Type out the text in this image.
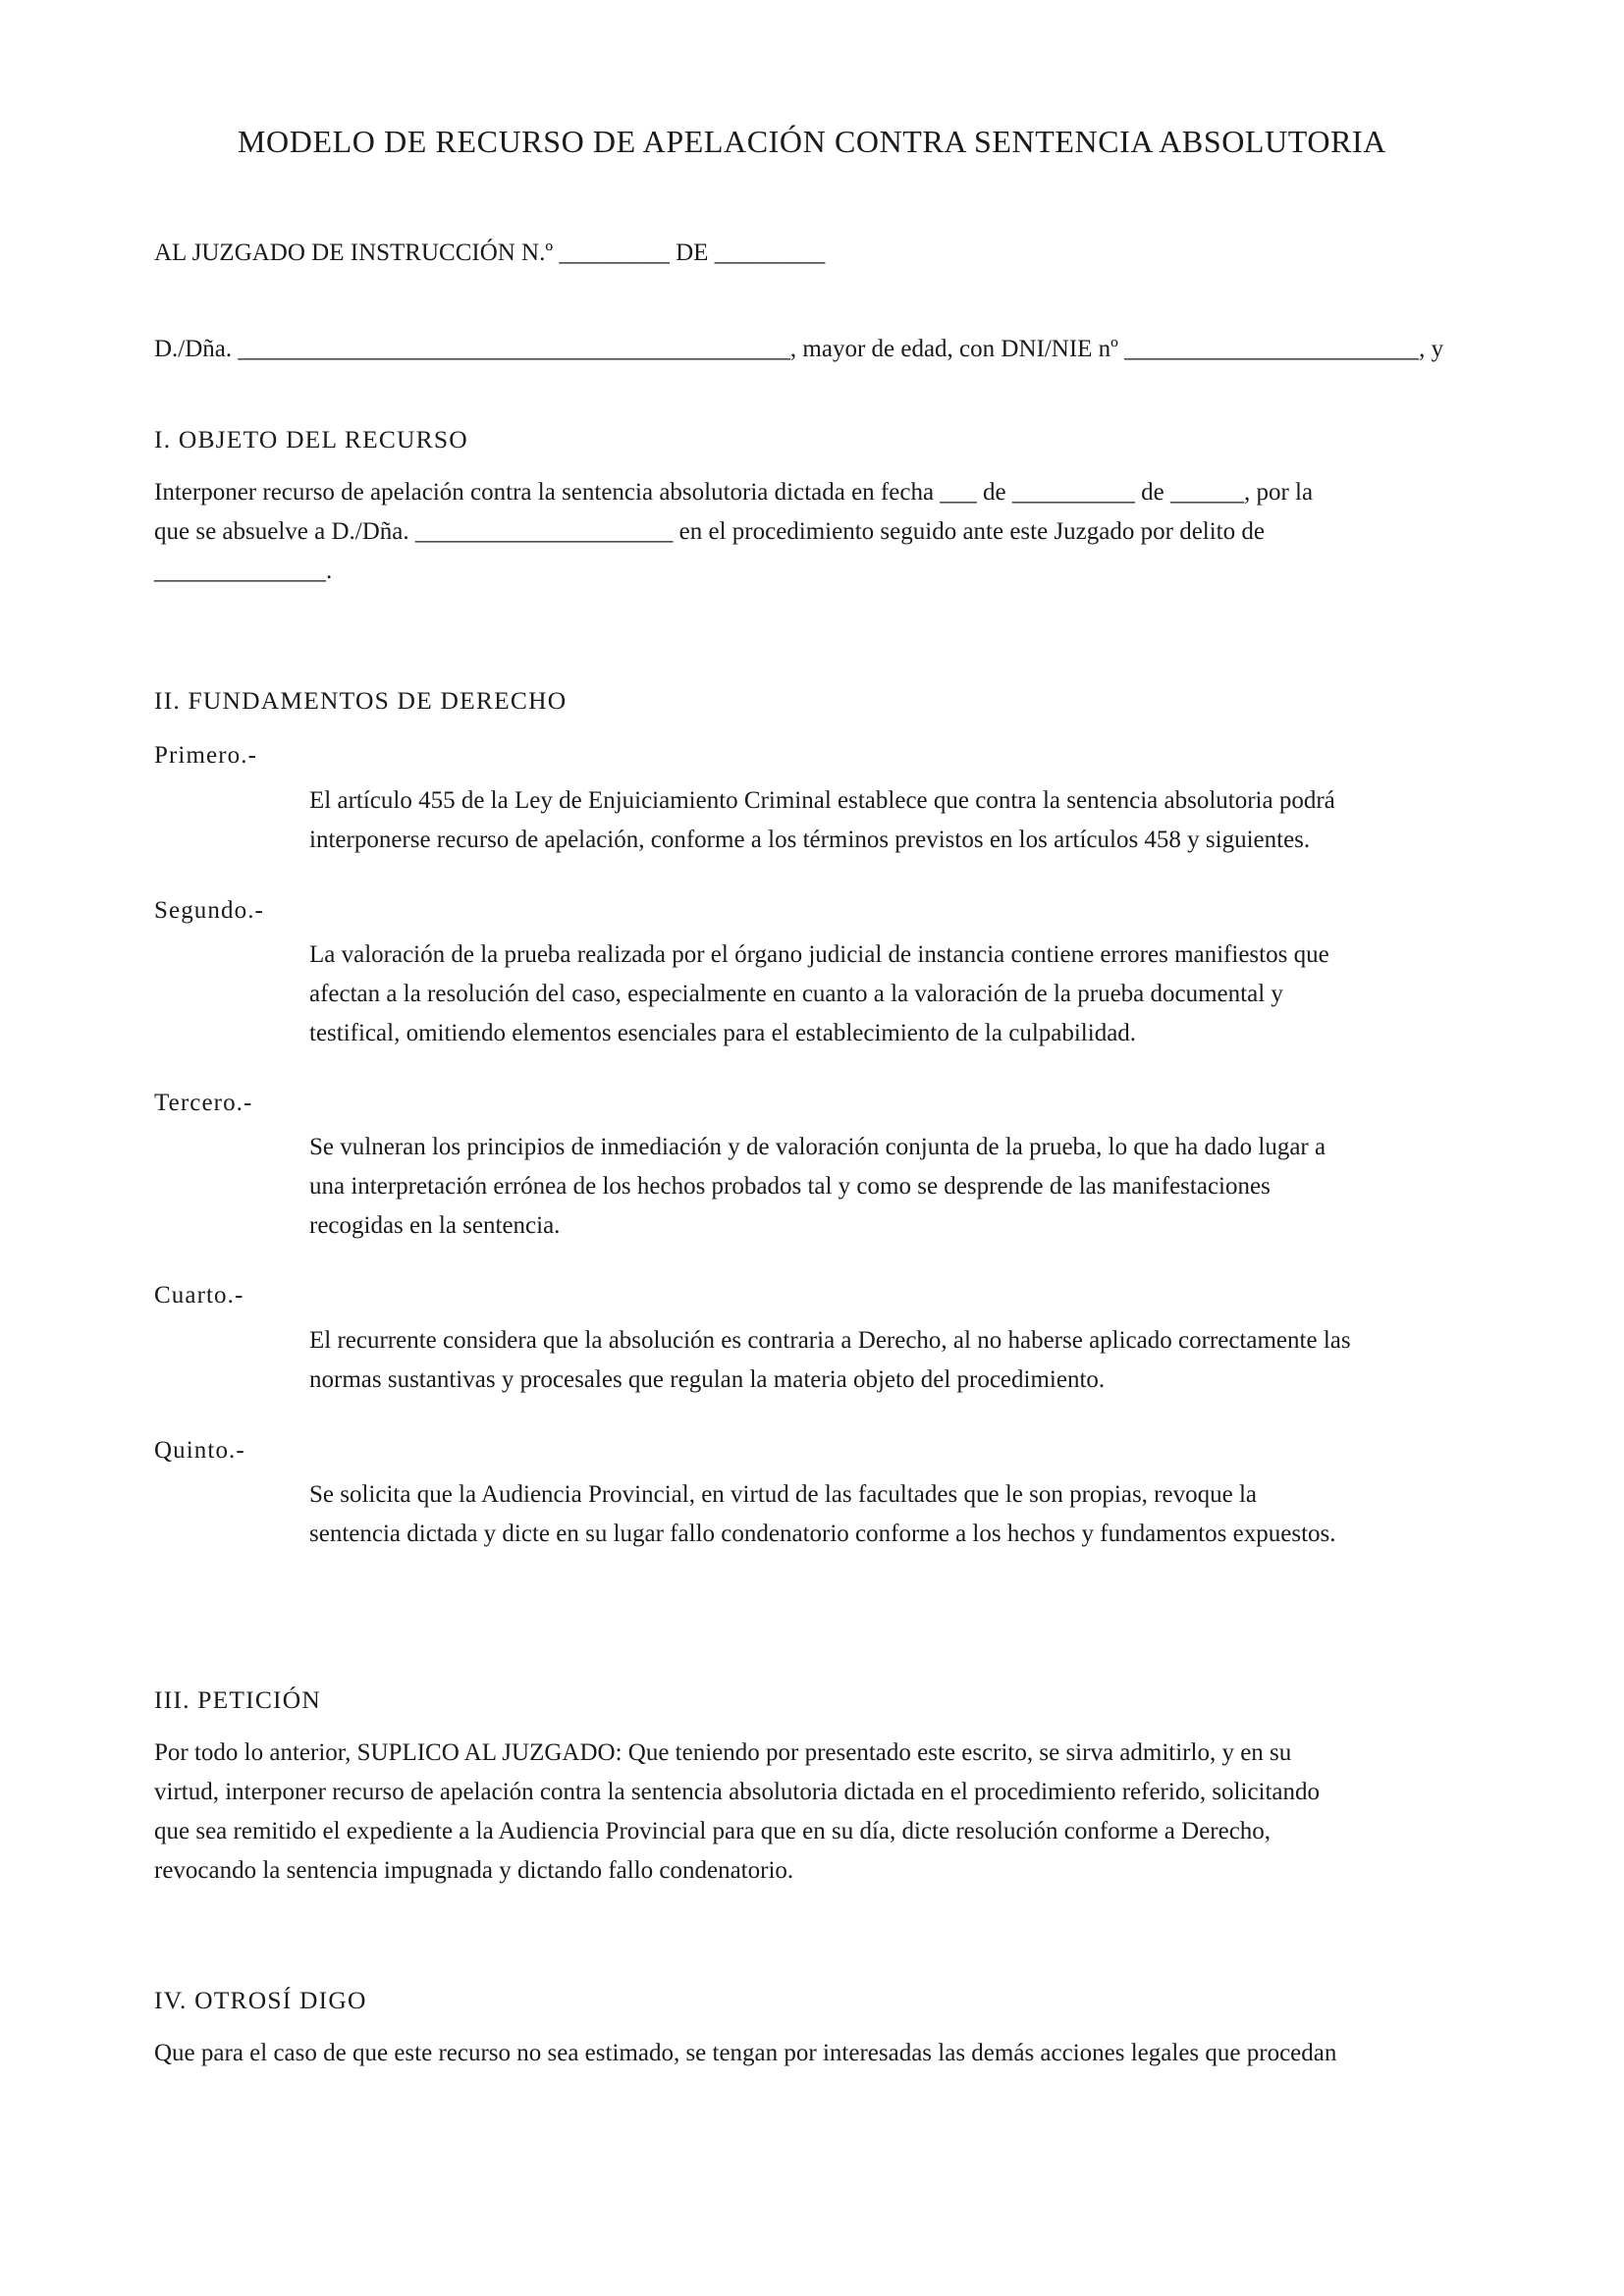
MODELO DE RECURSO DE APELACIÓN CONTRA SENTENCIA ABSOLUTORIA
AL JUZGADO DE INSTRUCCIÓN N.º _________ DE _________
D./Dña. _____________________________________________, mayor de edad, con DNI/NIE nº ________________________, y
I. OBJETO DEL RECURSO
Interponer recurso de apelación contra la sentencia absolutoria dictada en fecha ___ de __________ de ______, por la
que se absuelve a D./Dña. _____________________ en el procedimiento seguido ante este Juzgado por delito de
______________.
II. FUNDAMENTOS DE DERECHO
Primero.-
El artículo 455 de la Ley de Enjuiciamiento Criminal establece que contra la sentencia absolutoria podrá
interponerse recurso de apelación, conforme a los términos previstos en los artículos 458 y siguientes.
Segundo.-
La valoración de la prueba realizada por el órgano judicial de instancia contiene errores manifiestos que
afectan a la resolución del caso, especialmente en cuanto a la valoración de la prueba documental y
testifical, omitiendo elementos esenciales para el establecimiento de la culpabilidad.
Tercero.-
Se vulneran los principios de inmediación y de valoración conjunta de la prueba, lo que ha dado lugar a
una interpretación errónea de los hechos probados tal y como se desprende de las manifestaciones
recogidas en la sentencia.
Cuarto.-
El recurrente considera que la absolución es contraria a Derecho, al no haberse aplicado correctamente las
normas sustantivas y procesales que regulan la materia objeto del procedimiento.
Quinto.-
Se solicita que la Audiencia Provincial, en virtud de las facultades que le son propias, revoque la
sentencia dictada y dicte en su lugar fallo condenatorio conforme a los hechos y fundamentos expuestos.
III. PETICIÓN
Por todo lo anterior, SUPLICO AL JUZGADO: Que teniendo por presentado este escrito, se sirva admitirlo, y en su
virtud, interponer recurso de apelación contra la sentencia absolutoria dictada en el procedimiento referido, solicitando
que sea remitido el expediente a la Audiencia Provincial para que en su día, dicte resolución conforme a Derecho,
revocando la sentencia impugnada y dictando fallo condenatorio.
IV. OTROSÍ DIGO
Que para el caso de que este recurso no sea estimado, se tengan por interesadas las demás acciones legales que procedan
